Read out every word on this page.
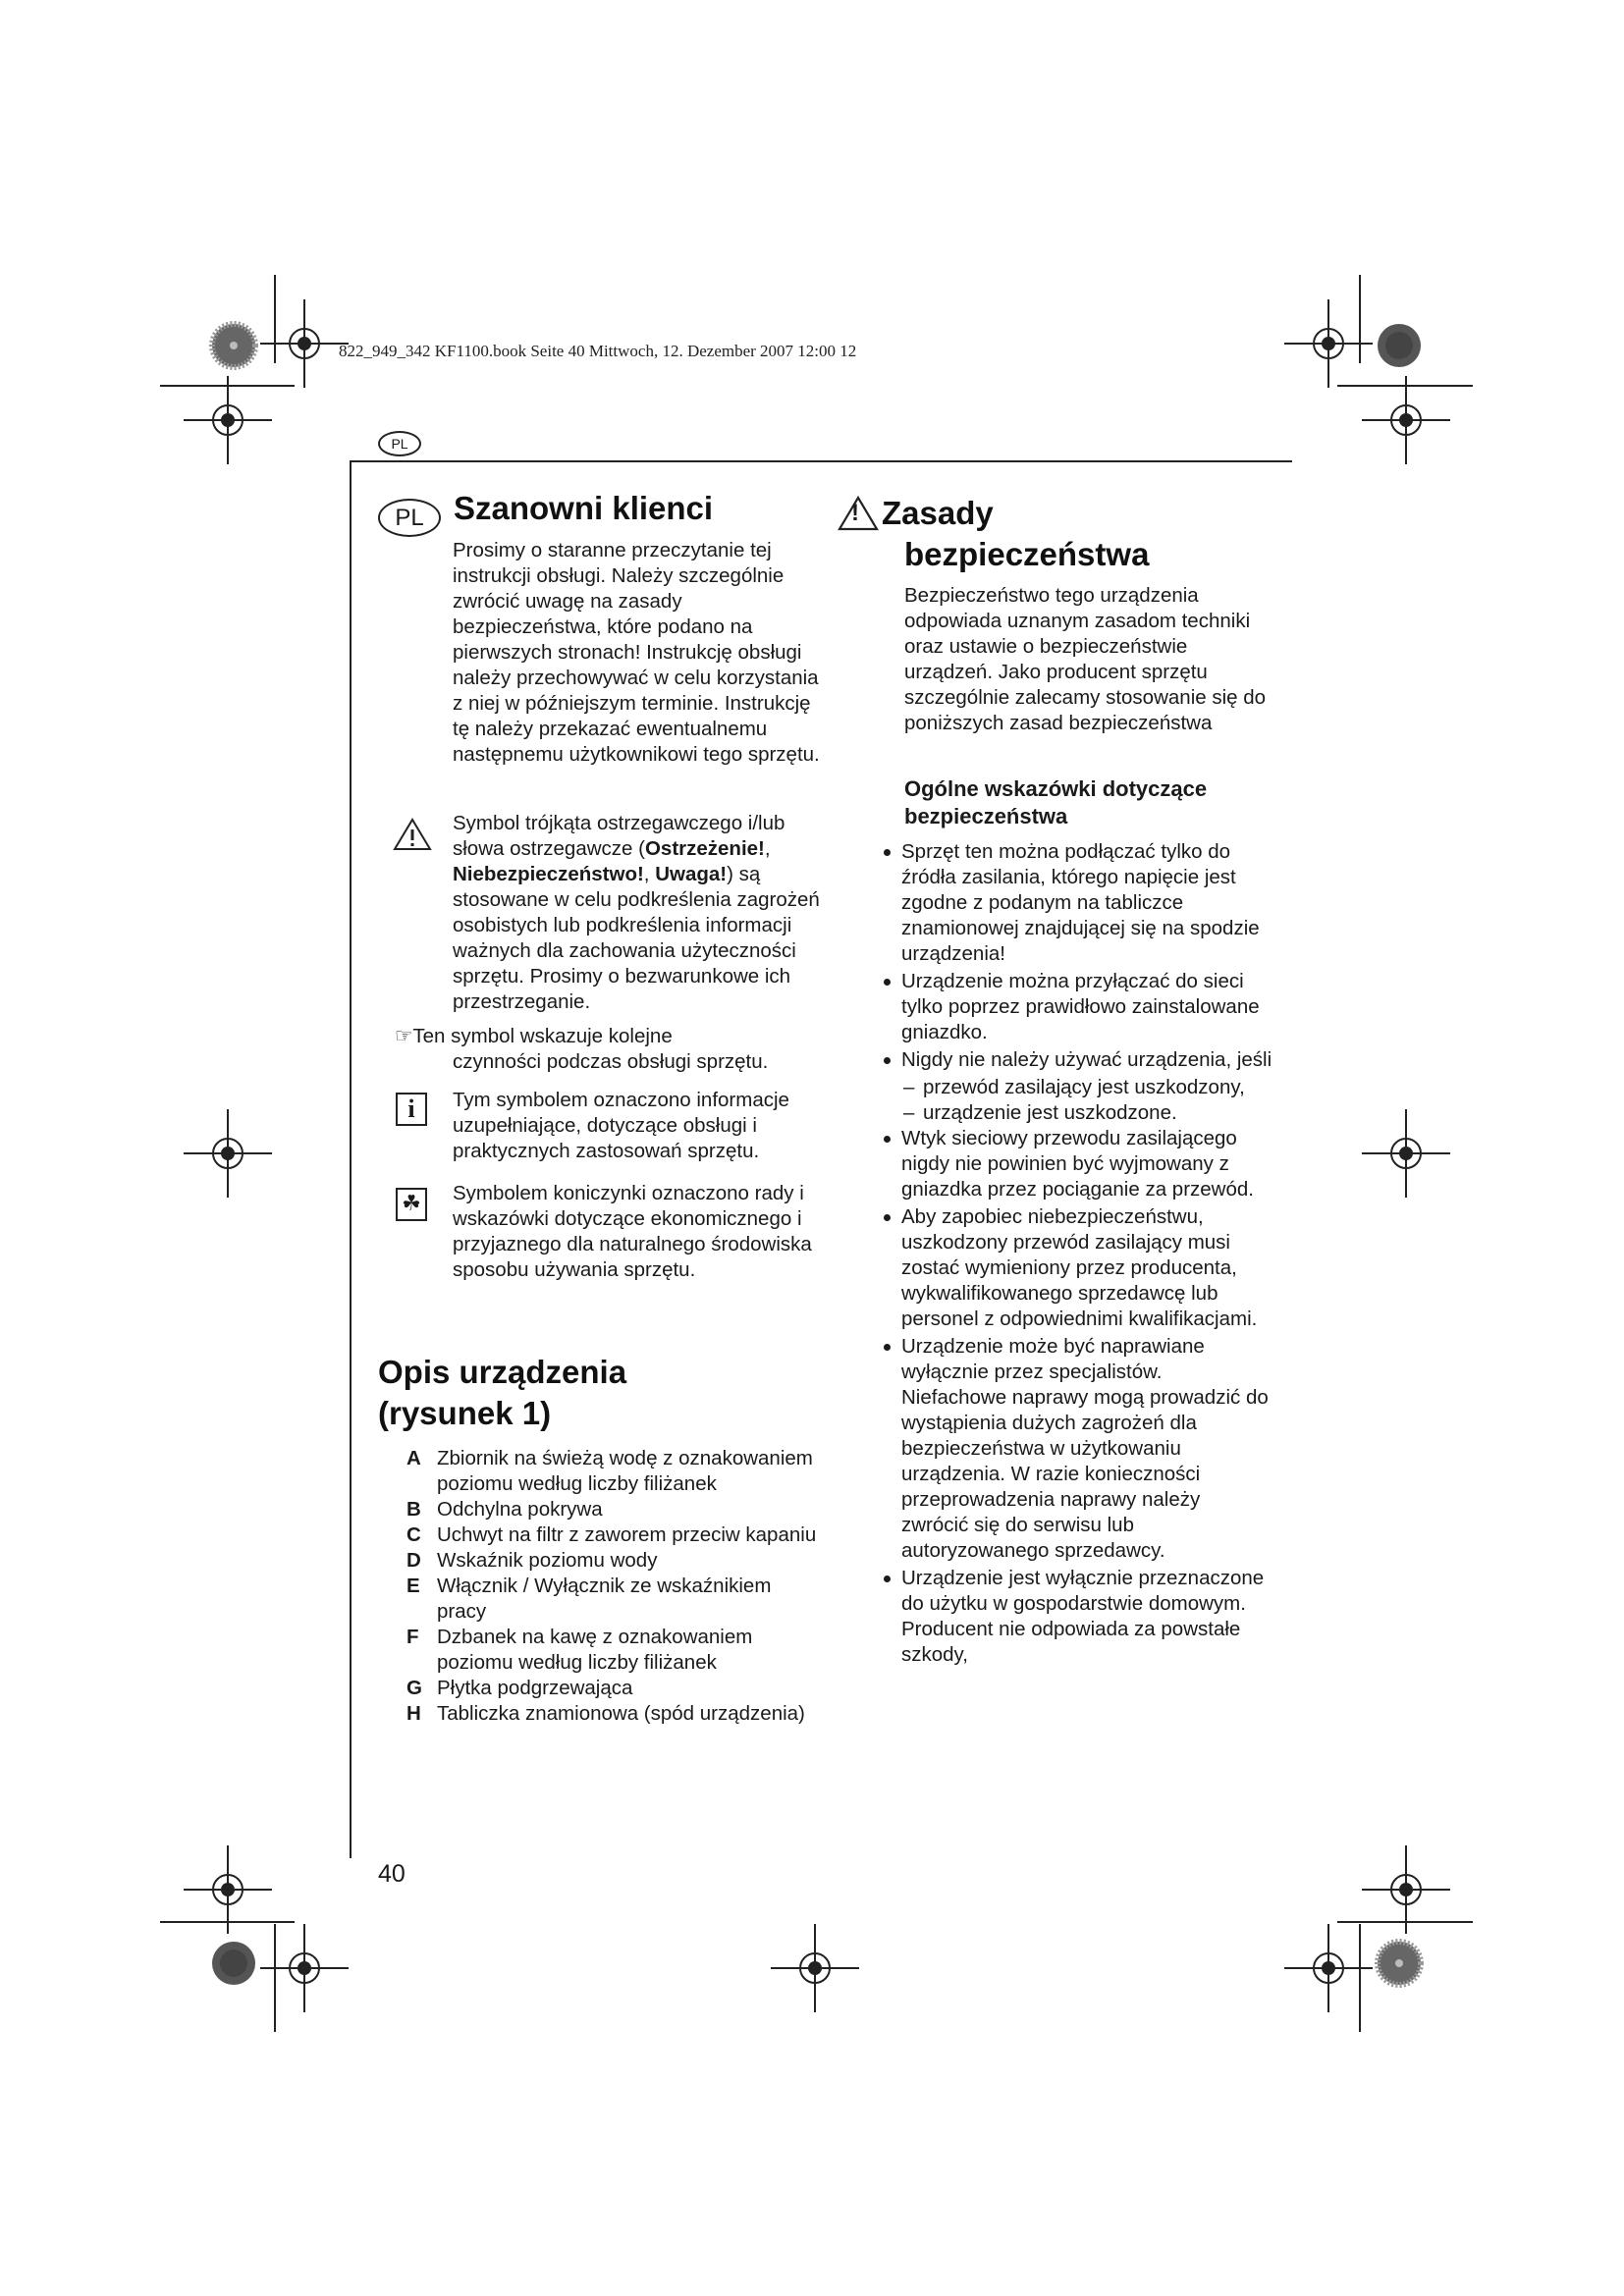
822_949_342 KF1100.book Seite 40 Mittwoch, 12. Dezember 2007 12:00 12
PL
PL Szanowni klienci

Prosimy o staranne przeczytanie tej instrukcji obsługi. Należy szczególnie zwrócić uwagę na zasady bezpieczeństwa, które podano na pierwszych stronach! Instrukcję obsługi należy przechowywać w celu korzystania z niej w późniejszym terminie. Instrukcję tę należy przekazać ewentualnemu następnemu użytkownikowi tego sprzętu.

Symbol trójkąta ostrzegawczego i/lub słowa ostrzegawcze (Ostrzeżenie!, Niebezpieczeństwo!, Uwaga!) są stosowane w celu podkreślenia zagrożeń osobistych lub podkreślenia informacji ważnych dla zachowania użyteczności sprzętu. Prosimy o bezwarunkowe ich przestrzeganie.

☞Ten symbol wskazuje kolejne

czynności podczas obsługi sprzętu.

i	Tym symbolem oznaczono informacje uzupełniające, dotyczące obsługi i praktycznych zastosowań sprzętu.

☘ Symbolem koniczynki oznaczono rady i wskazówki dotyczące ekonomicznego i przyjaznego dla naturalnego środowiska sposobu używania sprzętu.

Opis urządzenia
(rysunek 1)
A Zbiornik na świeżą wodę z oznakowaniem poziomu według liczby filiżanek
B Odchylna pokrywa
C Uchwyt na filtr z zaworem przeciw kapaniu
D Wskaźnik poziomu wody
E Włącznik / Wyłącznik ze wskaźnikiem pracy
F Dzbanek na kawę z oznakowaniem poziomu według liczby filiżanek
G Płytka podgrzewająca
H Tabliczka znamionowa (spód urządzenia)
40
! Zasady
bezpieczeństwa

Bezpieczeństwo tego urządzenia odpowiada uznanym zasadom techniki oraz ustawie o bezpieczeństwie urządzeń. Jako producent sprzętu szczególnie zalecamy stosowanie się do poniższych zasad bezpieczeństwa

Ogólne wskazówki dotyczące bezpieczeństwa

Sprzęt ten można podłączać tylko do źródła zasilania, którego napięcie jest zgodne z podanym na tabliczce znamionowej znajdującej się na spodzie urządzenia!
Urządzenie można przyłączać do sieci tylko poprzez prawidłowo zainstalowane gniazdko.
Nigdy nie należy używać urządzenia, jeśli
– przewód zasilający jest uszkodzony,
– urządzenie jest uszkodzone.
Wtyk sieciowy przewodu zasilającego nigdy nie powinien być wyjmowany z gniazdka przez pociąganie za przewód.
Aby zapobiec niebezpieczeństwu, uszkodzony przewód zasilający musi zostać wymieniony przez producenta, wykwalifikowanego sprzedawcę lub personel z odpowiednimi kwalifikacjami.
Urządzenie może być naprawiane wyłącznie przez specjalistów. Niefachowe naprawy mogą prowadzić do wystąpienia dużych zagrożeń dla bezpieczeństwa w użytkowaniu urządzenia. W razie konieczności przeprowadzenia naprawy należy zwrócić się do serwisu lub autoryzowanego sprzedawcy.
Urządzenie jest wyłącznie przeznaczone do użytku w gospodarstwie domowym. Producent nie odpowiada za powstałe szkody,
